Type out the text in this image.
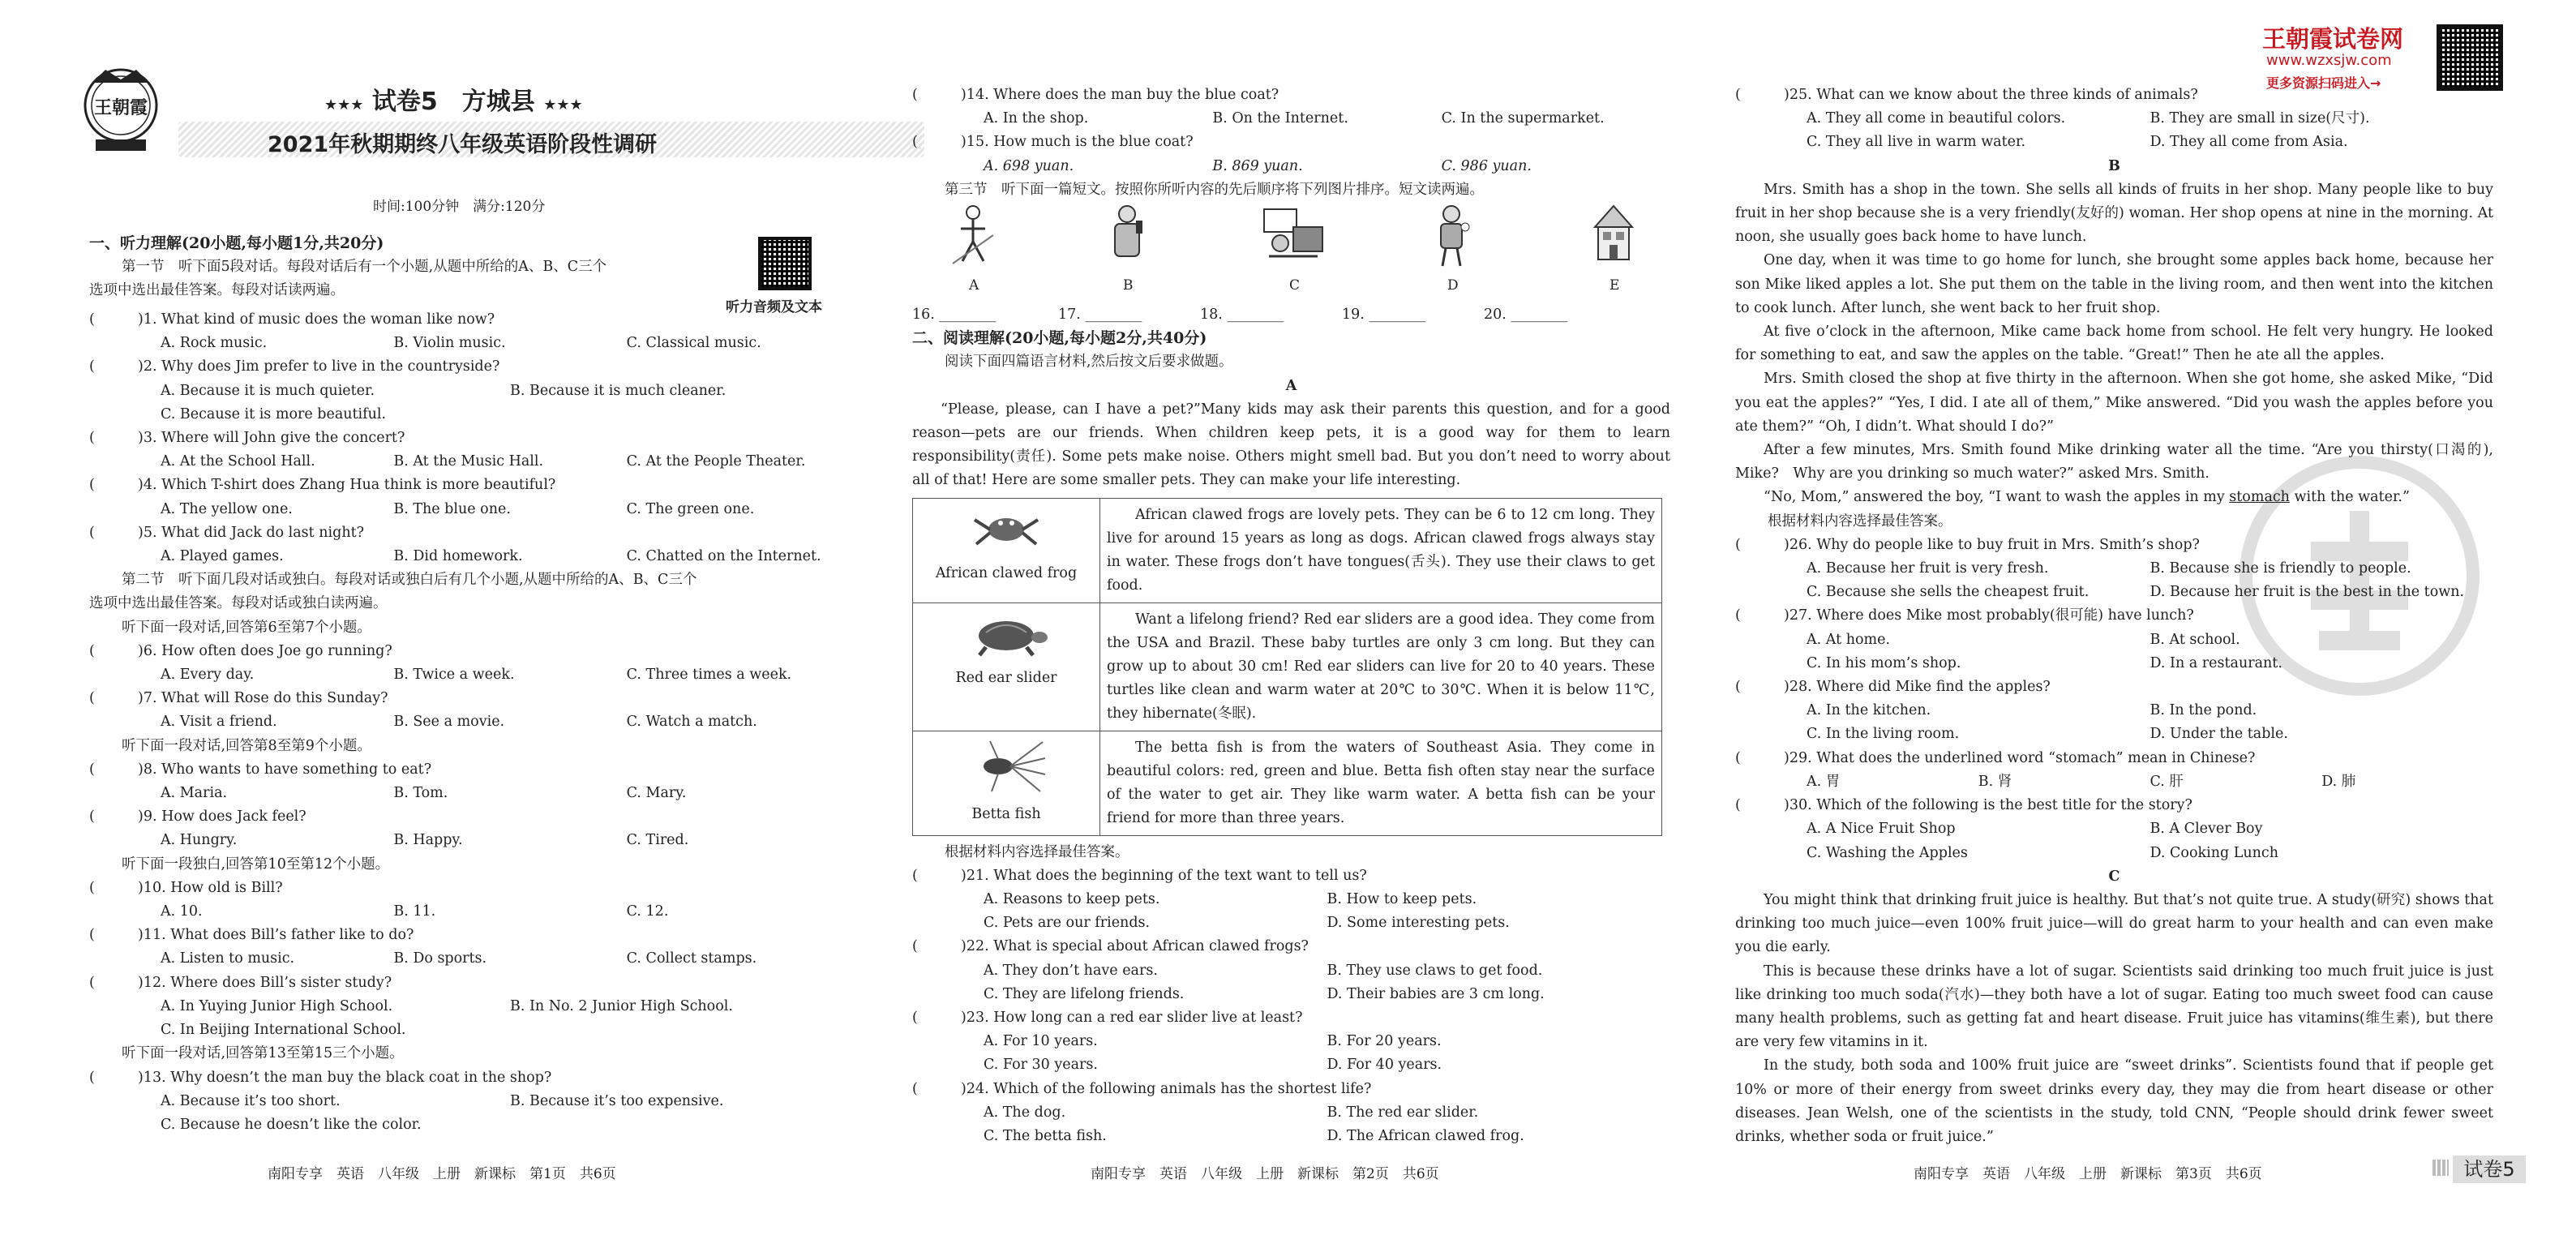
王朝霞	★★★ 试卷5　方城县 ★★★
2021年秋期期终八年级英语阶段性调研
时间:100分钟　满分:120分
听力音频及文本
一、听力理解(20小题,每小题1分,共20分)
第一节　听下面5段对话。每段对话后有一个小题,从题中所给的A、B、C三个
选项中选出最佳答案。每段对话读两遍。
(	)1. What kind of music does the woman like now?
A. Rock music.	B. Violin music.	C. Classical music.
(	)2. Why does Jim prefer to live in the countryside?
A. Because it is much quieter.	B. Because it is much cleaner.
C. Because it is more beautiful.
(	)3. Where will John give the concert?
A. At the School Hall.	B. At the Music Hall.	C. At the People Theater.
(	)4. Which T-shirt does Zhang Hua think is more beautiful?
A. The yellow one.	B. The blue one.	C. The green one.
(	)5. What did Jack do last night?
A. Played games.	B. Did homework.	C. Chatted on the Internet.
第二节　听下面几段对话或独白。每段对话或独白后有几个小题,从题中所给的A、B、C三个
选项中选出最佳答案。每段对话或独白读两遍。
听下面一段对话,回答第6至第7个小题。
(	)6. How often does Joe go running?
A. Every day.	B. Twice a week.	C. Three times a week.
(	)7. What will Rose do this Sunday?
A. Visit a friend.	B. See a movie.	C. Watch a match.
听下面一段对话,回答第8至第9个小题。
(	)8. Who wants to have something to eat?
A. Maria.	B. Tom.	C. Mary.
(	)9. How does Jack feel?
A. Hungry.	B. Happy.	C. Tired.
听下面一段独白,回答第10至第12个小题。
(	)10. How old is Bill?
A. 10.	B. 11.	C. 12.
(	)11. What does Bill’s father like to do?
A. Listen to music.	B. Do sports.	C. Collect stamps.
(	)12. Where does Bill’s sister study?
A. In Yuying Junior High School.	B. In No. 2 Junior High School.
C. In Beijing International School.
听下面一段对话,回答第13至第15三个小题。
(	)13. Why doesn’t the man buy the black coat in the shop?
A. Because it’s too short.	B. Because it’s too expensive.
C. Because he doesn’t like the color.
南阳专享　英语　八年级　上册　新课标　第1页　共6页
(	)14. Where does the man buy the blue coat?
A. In the shop.	B. On the Internet.	C. In the supermarket.
(	)15. How much is the blue coat?
A. 698 yuan.	B. 869 yuan.	C. 986 yuan.
第三节　听下面一篇短文。按照你所听内容的先后顺序将下列图片排序。短文读两遍。
A	B	C	D	E
16. ________	17. ________	18. ________	19. ________	20. ________
二、阅读理解(20小题,每小题2分,共40分)
阅读下面四篇语言材料,然后按文后要求做题。
A
“Please, please, can I have a pet?”Many kids may ask their parents this question, and for a good reason—pets are our friends. When children keep pets, it is a good way for them to learn responsibility(责任). Some pets make noise. Others might smell bad. But you don’t need to worry about all of that! Here are some smaller pets. They can make your life interesting.
African clawed frog	African clawed frogs are lovely pets. They can be 6 to 12 cm long. They live for around 15 years as long as dogs. African clawed frogs always stay in water. These frogs don’t have tongues(舌头). They use their claws to get food.

Red ear slider	Want a lifelong friend? Red ear sliders are a good idea. They come from the USA and Brazil. These baby turtles are only 3 cm long. But they can grow up to about 30 cm! Red ear sliders can live for 20 to 40 years. These turtles like clean and warm water at 20℃ to 30℃. When it is below 11℃, they hibernate(冬眠).

Betta fish	The betta fish is from the waters of Southeast Asia. They come in beautiful colors: red, green and blue. Betta fish often stay near the surface of the water to get air. They like warm water. A betta fish can be your friend for more than three years.
根据材料内容选择最佳答案。
(	)21. What does the beginning of the text want to tell us?
A. Reasons to keep pets.	B. How to keep pets.
C. Pets are our friends.	D. Some interesting pets.
(	)22. What is special about African clawed frogs?
A. They don’t have ears.	B. They use claws to get food.
C. They are lifelong friends.	D. Their babies are 3 cm long.
(	)23. How long can a red ear slider live at least?
A. For 10 years.	B. For 20 years.
C. For 30 years.	D. For 40 years.
(	)24. Which of the following animals has the shortest life?
A. The dog.	B. The red ear slider.
C. The betta fish.	D. The African clawed frog.
南阳专享　英语　八年级　上册　新课标　第2页　共6页
王朝霞试卷网
www.wzxsjw.com
更多资源扫码进入→
(	)25. What can we know about the three kinds of animals?
A. They all come in beautiful colors.	B. They are small in size(尺寸).
C. They all live in warm water.	D. They all come from Asia.
B
Mrs. Smith has a shop in the town. She sells all kinds of fruits in her shop. Many people like to buy fruit in her shop because she is a very friendly(友好的) woman. Her shop opens at nine in the morning. At noon, she usually goes back home to have lunch.
One day, when it was time to go home for lunch, she brought some apples back home, because her son Mike liked apples a lot. She put them on the table in the living room, and then went into the kitchen to cook lunch. After lunch, she went back to her fruit shop.
At five o’clock in the afternoon, Mike came back home from school. He felt very hungry. He looked for something to eat, and saw the apples on the table. “Great!” Then he ate all the apples.
Mrs. Smith closed the shop at five thirty in the afternoon. When she got home, she asked Mike, “Did you eat the apples?” “Yes, I did. I ate all of them,” Mike answered. “Did you wash the apples before you ate them?” “Oh, I didn’t. What should I do?”
After a few minutes, Mrs. Smith found Mike drinking water all the time. “Are you thirsty(口渴的), Mike?　Why are you drinking so much water?” asked Mrs. Smith.
“No, Mom,” answered the boy, “I want to wash the apples in my stomach with the water.”
根据材料内容选择最佳答案。
(	)26. Why do people like to buy fruit in Mrs. Smith’s shop?
A. Because her fruit is very fresh.	B. Because she is friendly to people.
C. Because she sells the cheapest fruit.	D. Because her fruit is the best in the town.
(	)27. Where does Mike most probably(很可能) have lunch?
A. At home.	B. At school.
C. In his mom’s shop.	D. In a restaurant.
(	)28. Where did Mike find the apples?
A. In the kitchen.	B. In the pond.
C. In the living room.	D. Under the table.
(	)29. What does the underlined word “stomach” mean in Chinese?
A. 胃	B. 肾	C. 肝	D. 肺
(	)30. Which of the following is the best title for the story?
A. A Nice Fruit Shop	B. A Clever Boy
C. Washing the Apples	D. Cooking Lunch
C
You might think that drinking fruit juice is healthy. But that’s not quite true. A study(研究) shows that drinking too much juice—even 100% fruit juice—will do great harm to your health and can even make you die early.
This is because these drinks have a lot of sugar. Scientists said drinking too much fruit juice is just like drinking too much soda(汽水)—they both have a lot of sugar. Eating too much sweet food can cause many health problems, such as getting fat and heart disease. Fruit juice has vitamins(维生素), but there are very few vitamins in it.
In the study, both soda and 100% fruit juice are “sweet drinks”. Scientists found that if people get 10% or more of their energy from sweet drinks every day, they may die from heart disease or other diseases. Jean Welsh, one of the scientists in the study, told CNN, “People should drink fewer sweet drinks, whether soda or fruit juice.”
南阳专享　英语　八年级　上册　新课标　第3页　共6页	试卷5
